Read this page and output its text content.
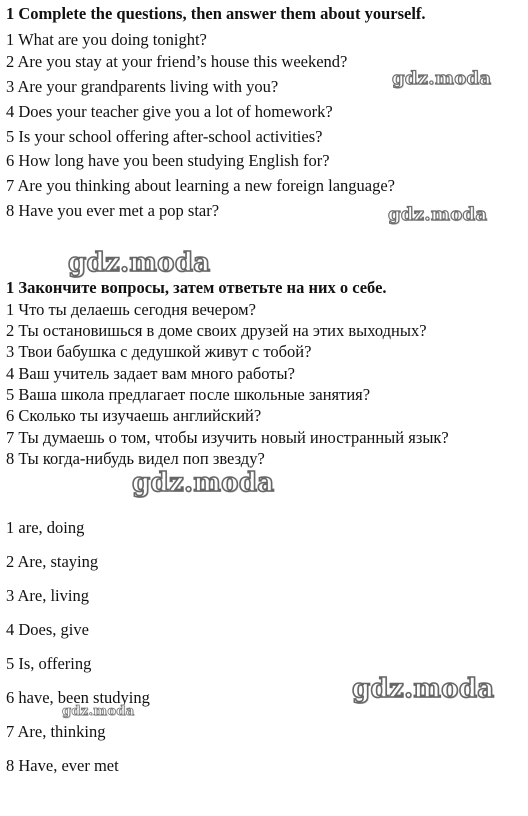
1 Complete the questions, then answer them about yourself.
1 What are you doing tonight?
2 Are you stay at your friend’s house this weekend?
3 Are your grandparents living with you?
4 Does your teacher give you a lot of homework?
5 Is your school offering after-school activities?
6 How long have you been studying English for?
7 Are you thinking about learning a new foreign language?
8 Have you ever met a pop star?
1 Закончите вопросы, затем ответьте на них о себе.
1 Что ты делаешь сегодня вечером?
2 Ты остановишься в доме своих друзей на этих выходных?
3 Твои бабушка с дедушкой живут с тобой?
4 Ваш учитель задает вам много работы?
5 Ваша школа предлагает после школьные занятия?
6 Сколько ты изучаешь английский?
7 Ты думаешь о том, чтобы изучить новый иностранный язык?
8 Ты когда-нибудь видел поп звезду?
1 are, doing
2 Are, staying
3 Are, living
4 Does, give
5 Is, offering
6 have, been studying
7 Are, thinking
8 Have, ever met
gdz.moda
gdz.moda
gdz.moda
gdz.moda
gdz.moda
gdz.moda
